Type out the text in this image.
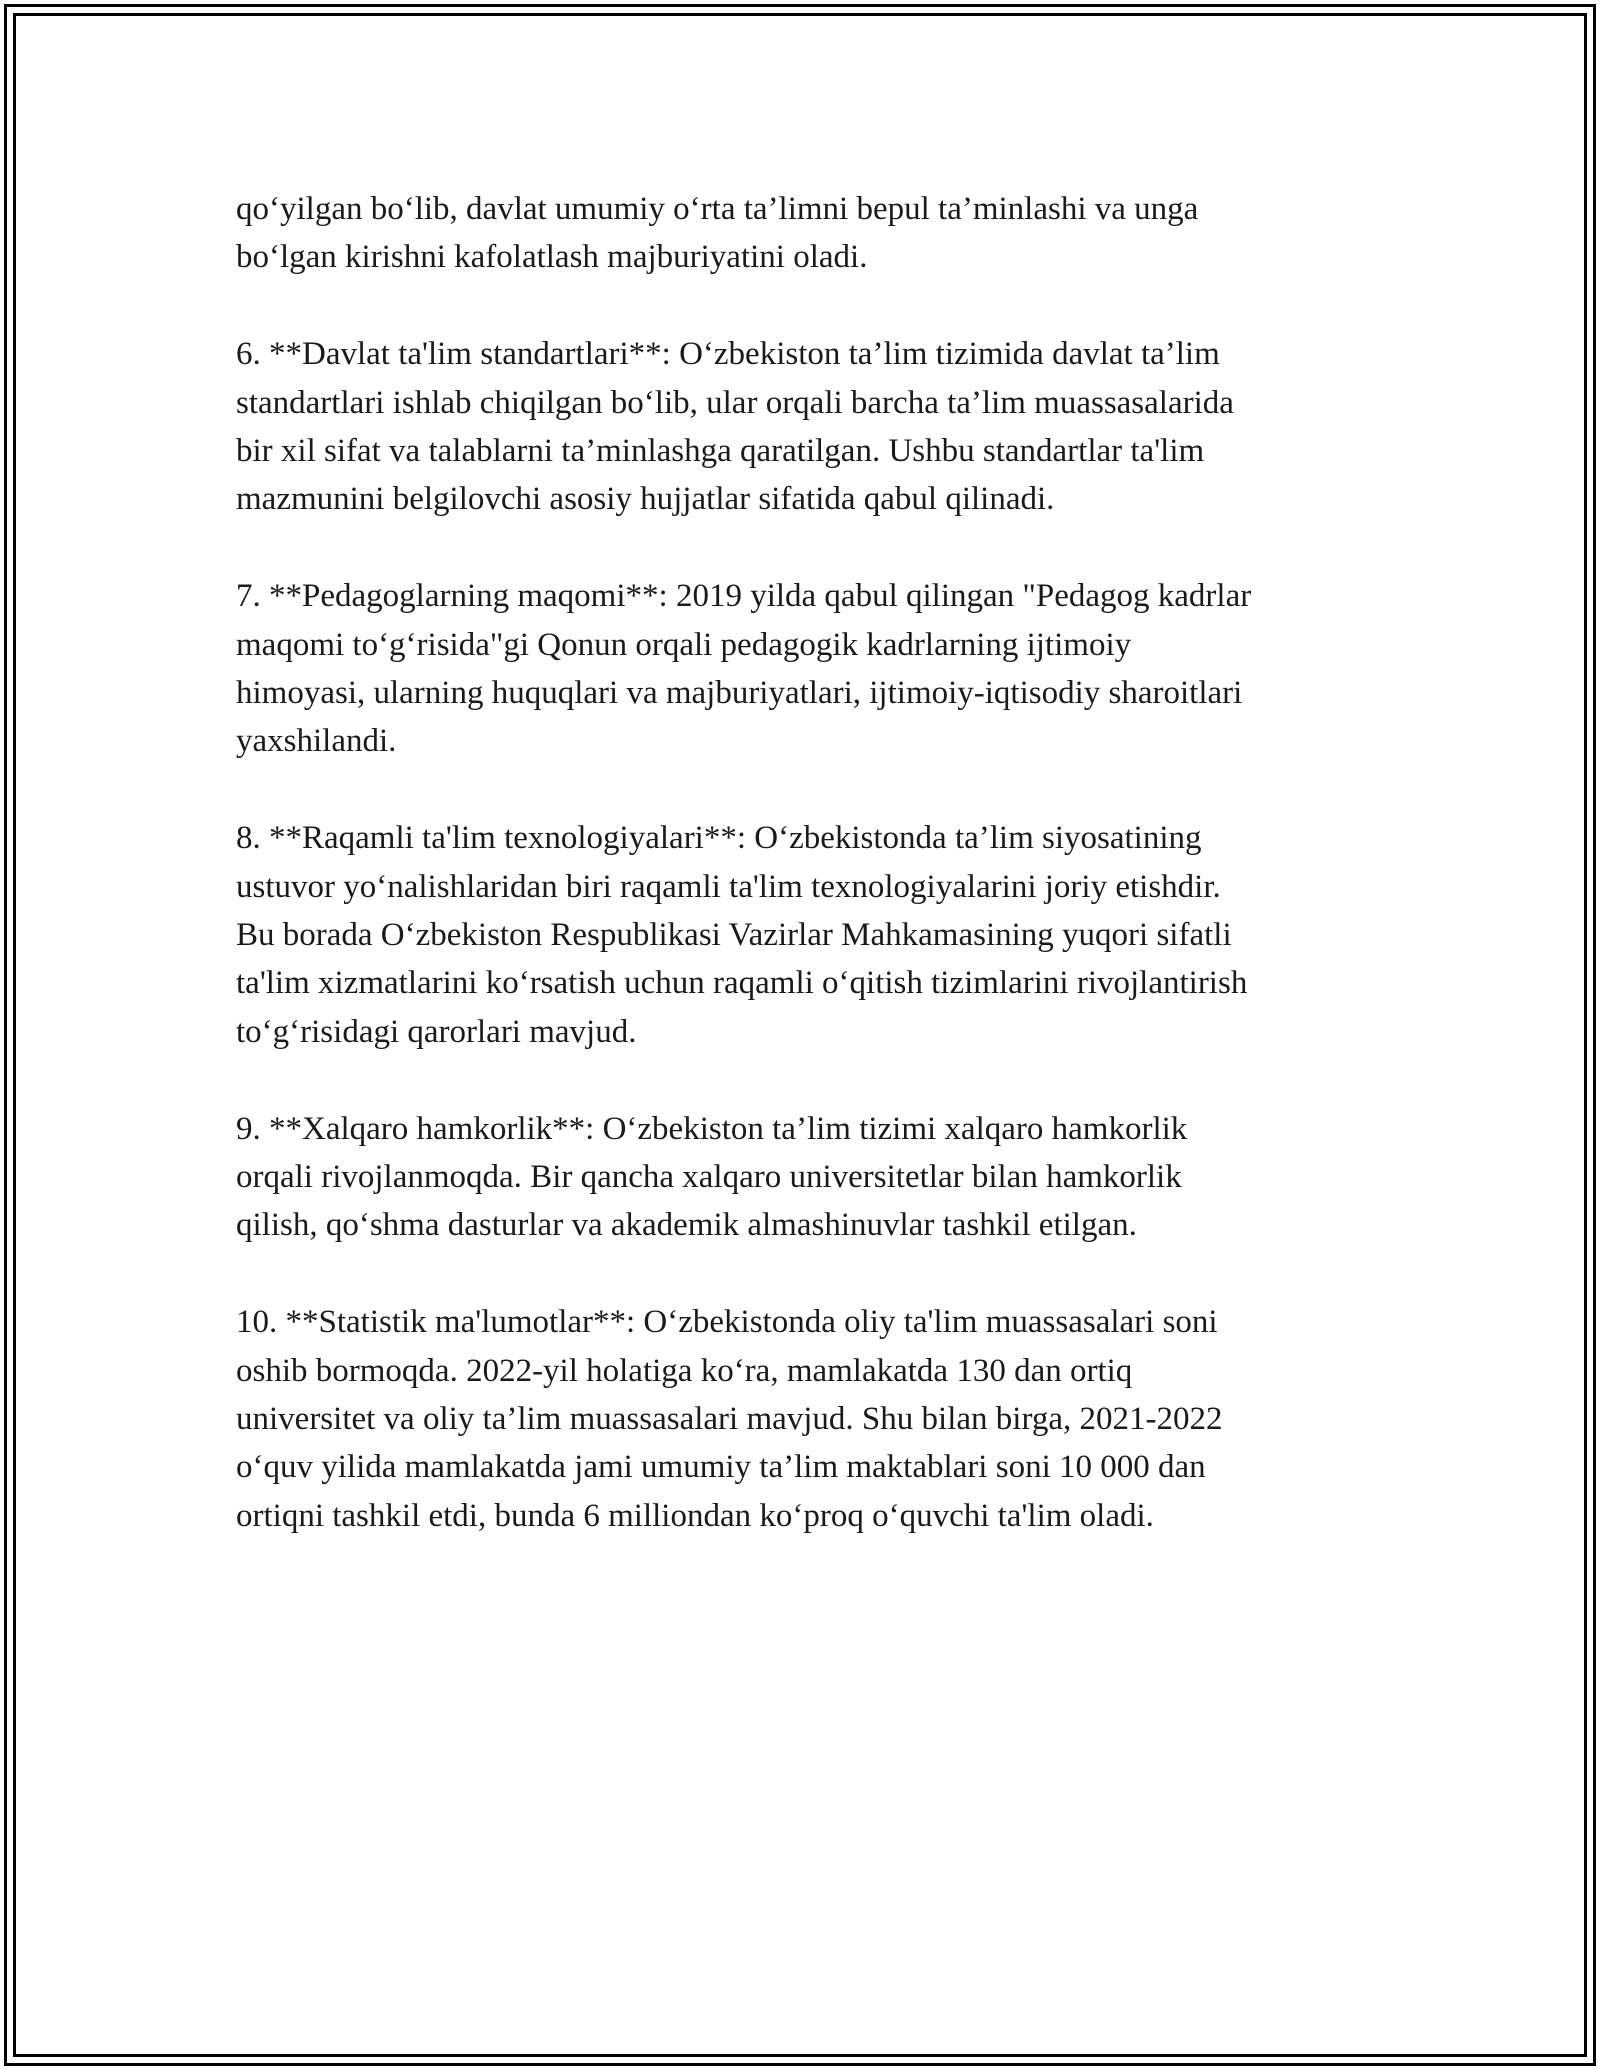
qo‘yilgan bo‘lib, davlat umumiy o‘rta ta’limni bepul ta’minlashi va unga
bo‘lgan kirishni kafolatlash majburiyatini oladi.

6. **Davlat ta'lim standartlari**: O‘zbekiston ta’lim tizimida davlat ta’lim
standartlari ishlab chiqilgan bo‘lib, ular orqali barcha ta’lim muassasalarida
bir xil sifat va talablarni ta’minlashga qaratilgan. Ushbu standartlar ta'lim
mazmunini belgilovchi asosiy hujjatlar sifatida qabul qilinadi.

7. **Pedagoglarning maqomi**: 2019 yilda qabul qilingan "Pedagog kadrlar
maqomi to‘g‘risida"gi Qonun orqali pedagogik kadrlarning ijtimoiy
himoyasi, ularning huquqlari va majburiyatlari, ijtimoiy-iqtisodiy sharoitlari
yaxshilandi.

8. **Raqamli ta'lim texnologiyalari**: O‘zbekistonda ta’lim siyosatining
ustuvor yo‘nalishlaridan biri raqamli ta'lim texnologiyalarini joriy etishdir.
Bu borada O‘zbekiston Respublikasi Vazirlar Mahkamasining yuqori sifatli
ta'lim xizmatlarini ko‘rsatish uchun raqamli o‘qitish tizimlarini rivojlantirish
to‘g‘risidagi qarorlari mavjud.

9. **Xalqaro hamkorlik**: O‘zbekiston ta’lim tizimi xalqaro hamkorlik
orqali rivojlanmoqda. Bir qancha xalqaro universitetlar bilan hamkorlik
qilish, qo‘shma dasturlar va akademik almashinuvlar tashkil etilgan.

10. **Statistik ma'lumotlar**: O‘zbekistonda oliy ta'lim muassasalari soni
oshib bormoqda. 2022-yil holatiga ko‘ra, mamlakatda 130 dan ortiq
universitet va oliy ta’lim muassasalari mavjud. Shu bilan birga, 2021-2022
o‘quv yilida mamlakatda jami umumiy ta’lim maktablari soni 10 000 dan
ortiqni tashkil etdi, bunda 6 milliondan ko‘proq o‘quvchi ta'lim oladi.
